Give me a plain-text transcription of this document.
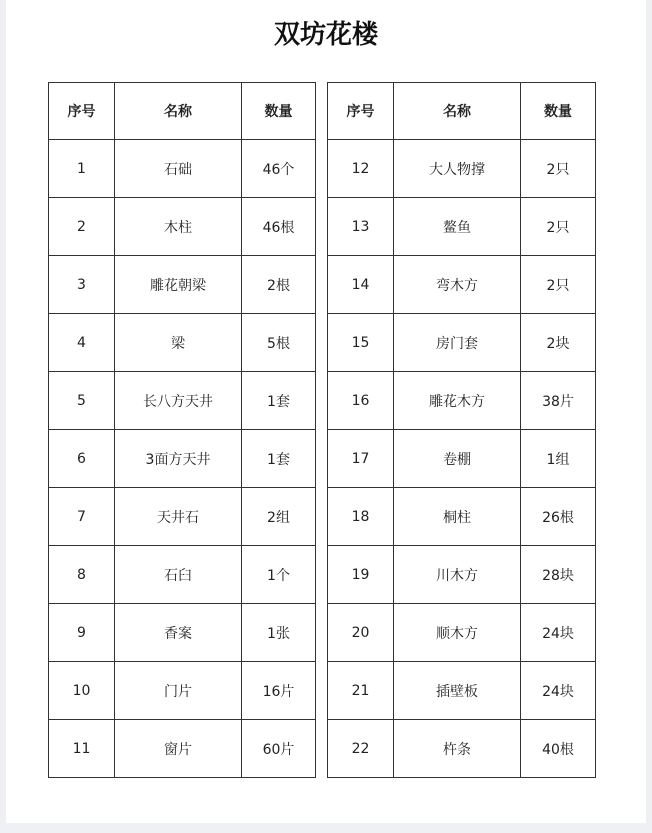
双坊花楼
序号	名称	数量
1	石础	46个
2	木柱	46根
3	雕花朝梁	2根
4	梁	5根
5	长八方天井	1套
6	3面方天井	1套
7	天井石	2组
8	石臼	1个
9	香案	1张
10	门片	16片
11	窗片	60片
序号	名称	数量
12	大人物撑	2只
13	鳌鱼	2只
14	弯木方	2只
15	房门套	2块
16	雕花木方	38片
17	卷棚	1组
18	桐柱	26根
19	川木方	28块
20	顺木方	24块
21	插壁板	24块
22	杵条	40根
